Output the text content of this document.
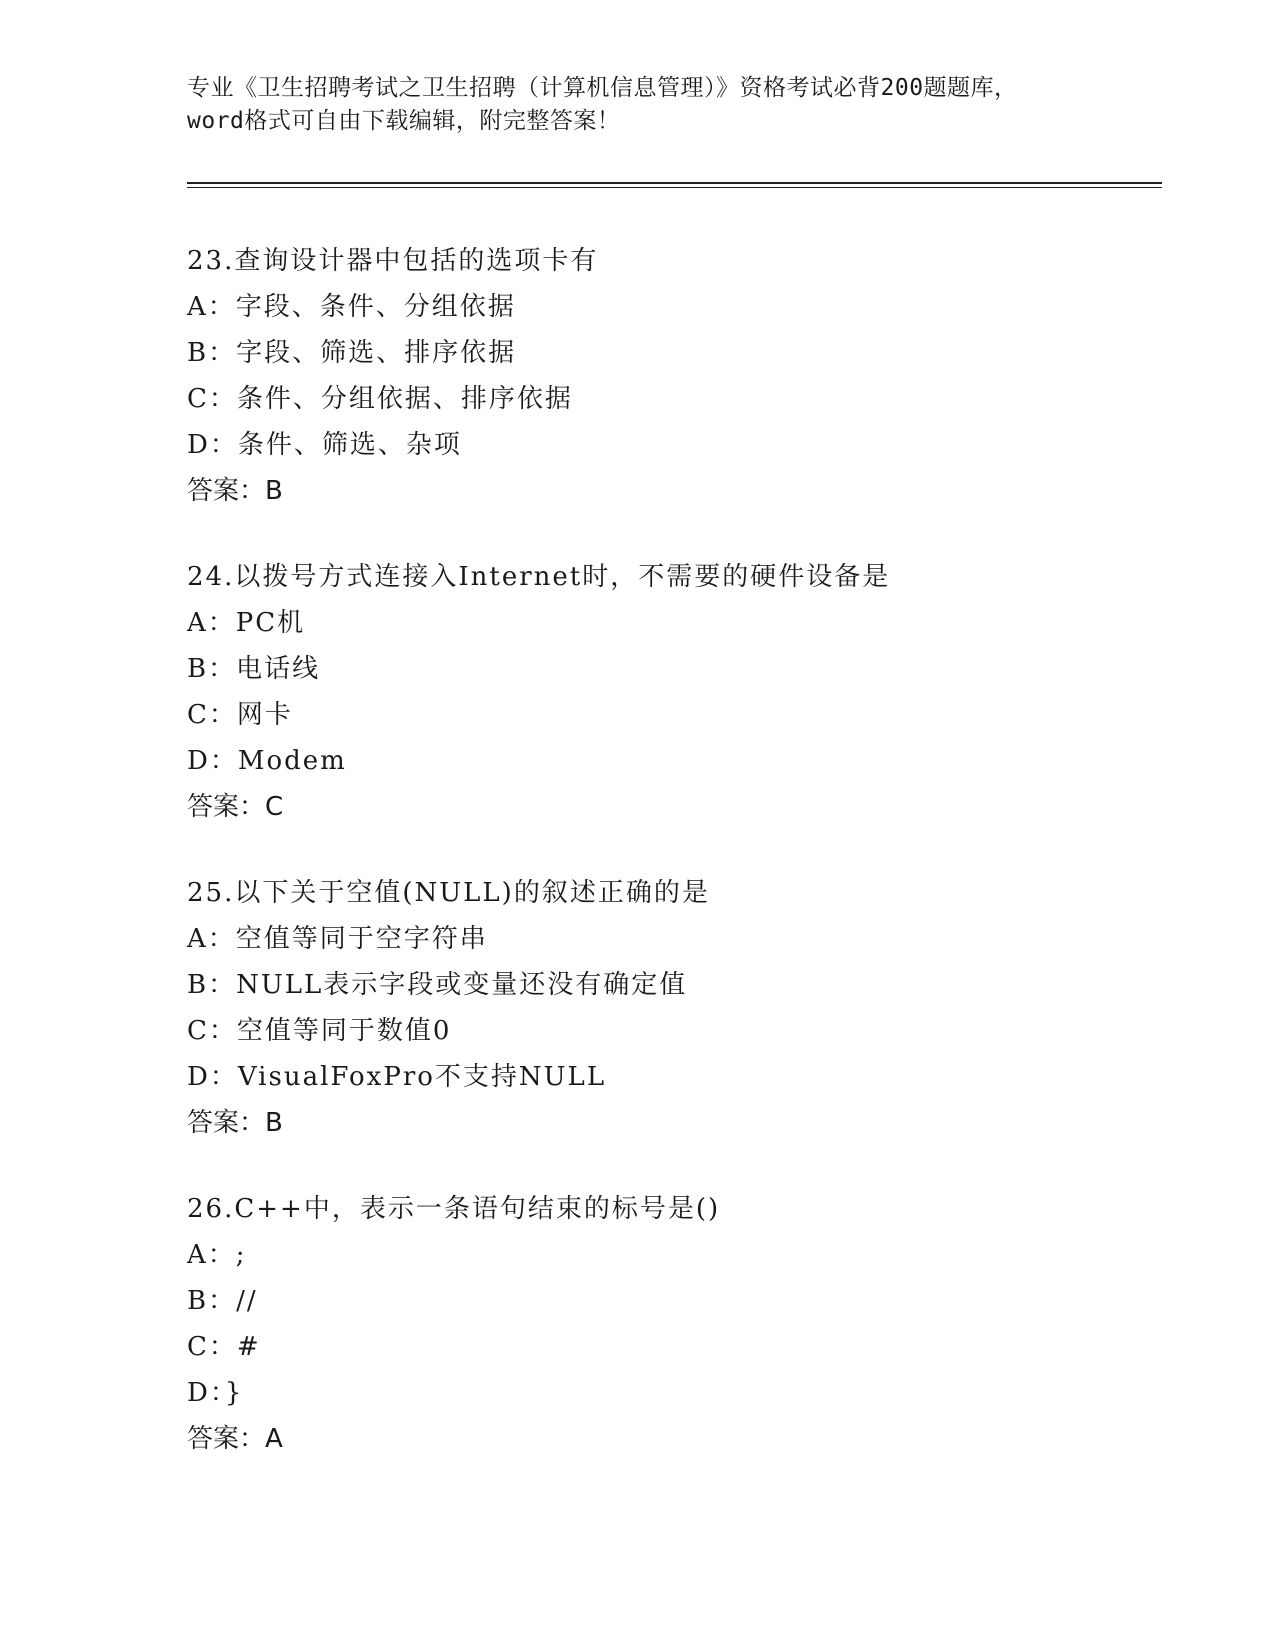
专业《卫生招聘考试之卫生招聘（计算机信息管理）》资格考试必背200题题库，
word格式可自由下载编辑，附完整答案！
23.查询设计器中包括的选项卡有
A：字段、条件、分组依据
B：字段、筛选、排序依据
C：条件、分组依据、排序依据
D：条件、筛选、杂项
答案：B
24.以拨号方式连接入Internet时，不需要的硬件设备是
A：PC机
B：电话线
C：网卡
D：Modem
答案：C
25.以下关于空值(NULL)的叙述正确的是
A：空值等同于空字符串
B：NULL表示字段或变量还没有确定值
C：空值等同于数值0
D：VisualFoxPro不支持NULL
答案：B
26.C++中，表示一条语句结束的标号是()
A：;
B：//
C：#
D：}
答案：A
